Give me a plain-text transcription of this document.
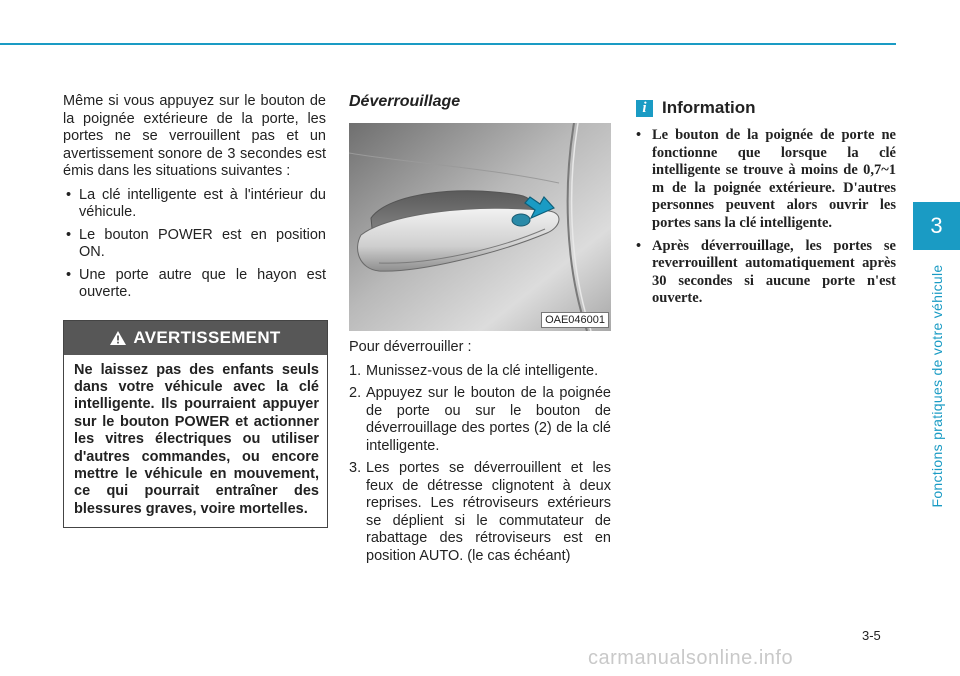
3
Fonctions pratiques de votre véhicule

Même si vous appuyez sur le bouton de la poignée extérieure de la porte, les portes ne se verrouillent pas et un avertissement sonore de 3 secondes est émis dans les situations suivantes :

• La clé intelligente est à l'intérieur du véhicule.
• Le bouton POWER est en position ON.
• Une porte autre que le hayon est ouverte.
AVERTISSEMENT
Ne laissez pas des enfants seuls dans votre véhicule avec la clé intelligente. Ils pourraient appuyer sur le bouton POWER et actionner les vitres électriques ou utiliser d'autres commandes, ou encore mettre le véhicule en mouvement, ce qui pourrait entraîner des blessures graves, voire mortelles.
Déverrouillage
OAE046001

Pour déverrouiller :

1. Munissez-vous de la clé intelligente.
2. Appuyez sur le bouton de la poignée de porte ou sur le bouton de déverrouillage des portes (2) de la clé intelligente.
3. Les portes se déverrouillent et les feux de détresse clignotent à deux reprises. Les rétroviseurs extérieurs se déplient si le commutateur de rabattage des rétroviseurs est en position AUTO. (le cas échéant)
i Information
• Le bouton de la poignée de porte ne fonctionne que lorsque la clé intelligente se trouve à moins de 0,7~1 m de la poignée extérieure. D'autres personnes peuvent alors ouvrir les portes sans la clé intelligente.
• Après déverrouillage, les portes se reverrouillent automatiquement après 30 secondes si aucune porte n'est ouverte.
3-5
carmanualsonline.info
